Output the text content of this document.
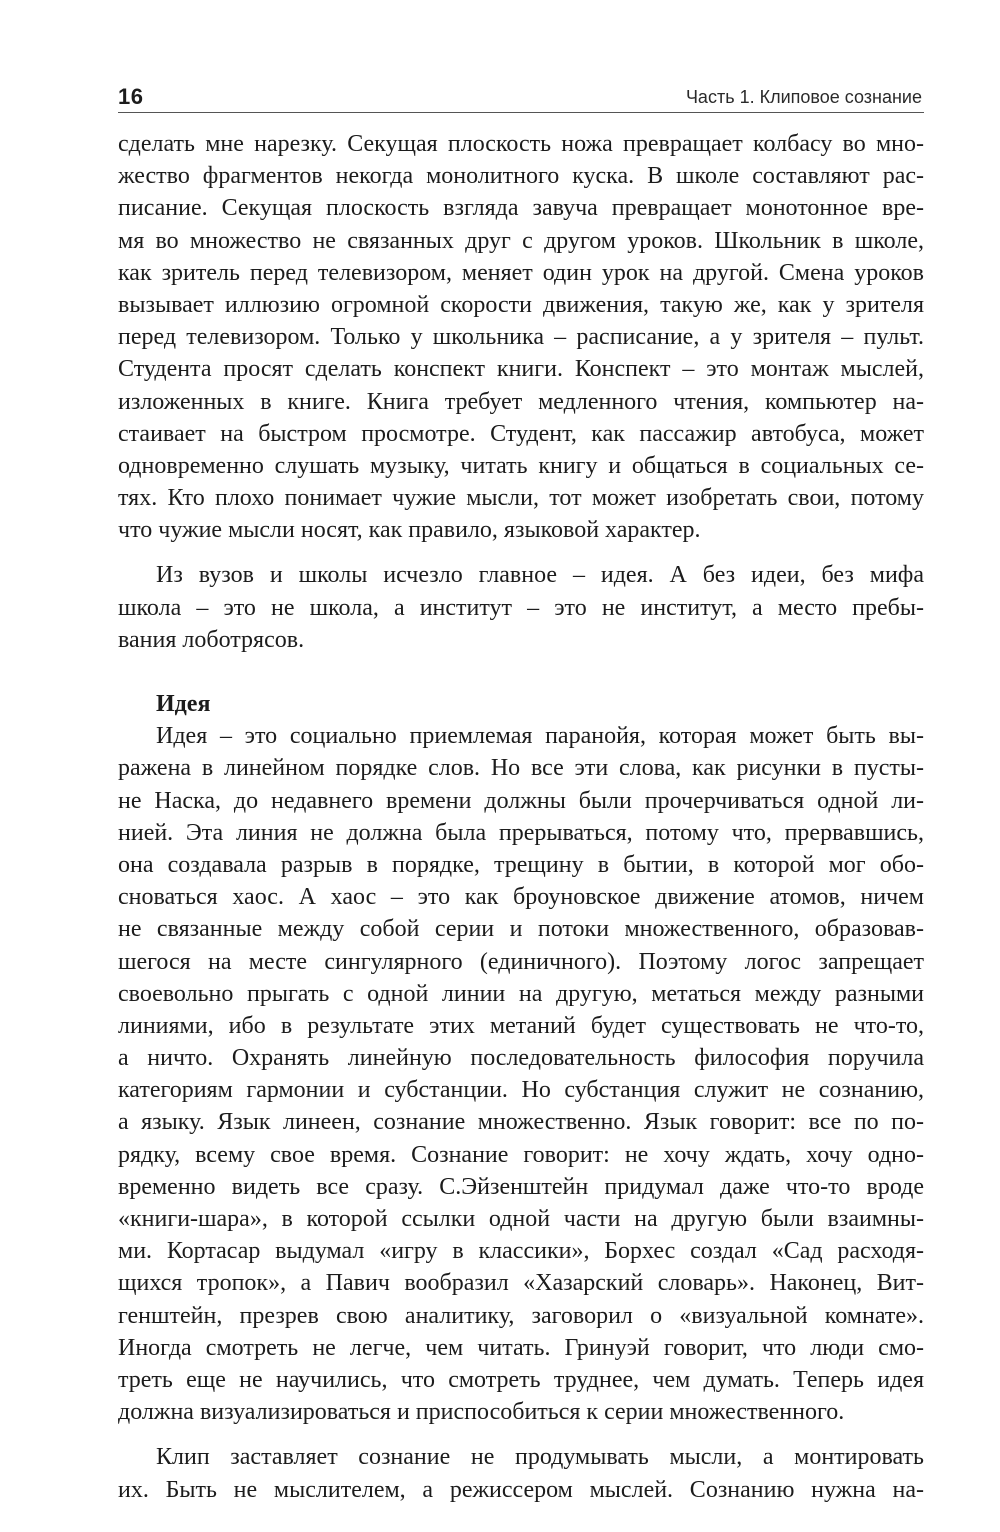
16	Часть 1. Клиповое сознание
сделать мне нарезку. Секущая плоскость ножа превращает колбасу во мно-
жество фрагментов некогда монолитного куска. В школе составляют рас-
писание. Секущая плоскость взгляда завуча превращает монотонное вре-
мя во множество не связанных друг с другом уроков. Школьник в школе,
как зритель перед телевизором, меняет один урок на другой. Смена уроков
вызывает иллюзию огромной скорости движения, такую же, как у зрителя
перед телевизором. Только у школьника – расписание, а у зрителя – пульт.
Студента просят сделать конспект книги. Конспект – это монтаж мыслей,
изложенных в книге. Книга требует медленного чтения, компьютер на-
стаивает на быстром просмотре. Студент, как пассажир автобуса, может
одновременно слушать музыку, читать книгу и общаться в социальных се-
тях. Кто плохо понимает чужие мысли, тот может изобретать свои, потому
что чужие мысли носят, как правило, языковой характер.
Из вузов и школы исчезло главное – идея. А без идеи, без мифа
школа – это не школа, а институт – это не институт, а место пребы-
вания лоботрясов.
Идея
Идея – это социально приемлемая паранойя, которая может быть вы-
ражена в линейном порядке слов. Но все эти слова, как рисунки в пусты-
не Наска, до недавнего времени должны были прочерчиваться одной ли-
нией. Эта линия не должна была прерываться, потому что, прервавшись,
она создавала разрыв в порядке, трещину в бытии, в которой мог обо-
сноваться хаос. А хаос – это как броуновское движение атомов, ничем
не связанные между собой серии и потоки множественного, образовав-
шегося на месте сингулярного (единичного). Поэтому логос запрещает
своевольно прыгать с одной линии на другую, метаться между разными
линиями, ибо в результате этих метаний будет существовать не что-то,
а ничто. Охранять линейную последовательность философия поручила
категориям гармонии и субстанции. Но субстанция служит не сознанию,
а языку. Язык линеен, сознание множественно. Язык говорит: все по по-
рядку, всему свое время. Сознание говорит: не хочу ждать, хочу одно-
временно видеть все сразу. С.Эйзенштейн придумал даже что-то вроде
«книги-шара», в которой ссылки одной части на другую были взаимны-
ми. Кортасар выдумал «игру в классики», Борхес создал «Сад расходя-
щихся тропок», а Павич вообразил «Хазарский словарь». Наконец, Вит-
генштейн, презрев свою аналитику, заговорил о «визуальной комнате».
Иногда смотреть не легче, чем читать. Гринуэй говорит, что люди смо-
треть еще не научились, что смотреть труднее, чем думать. Теперь идея
должна визуализироваться и приспособиться к серии множественного.
Клип заставляет сознание не продумывать мысли, а монтировать
их. Быть не мыслителем, а режиссером мыслей. Сознанию нужна на-
